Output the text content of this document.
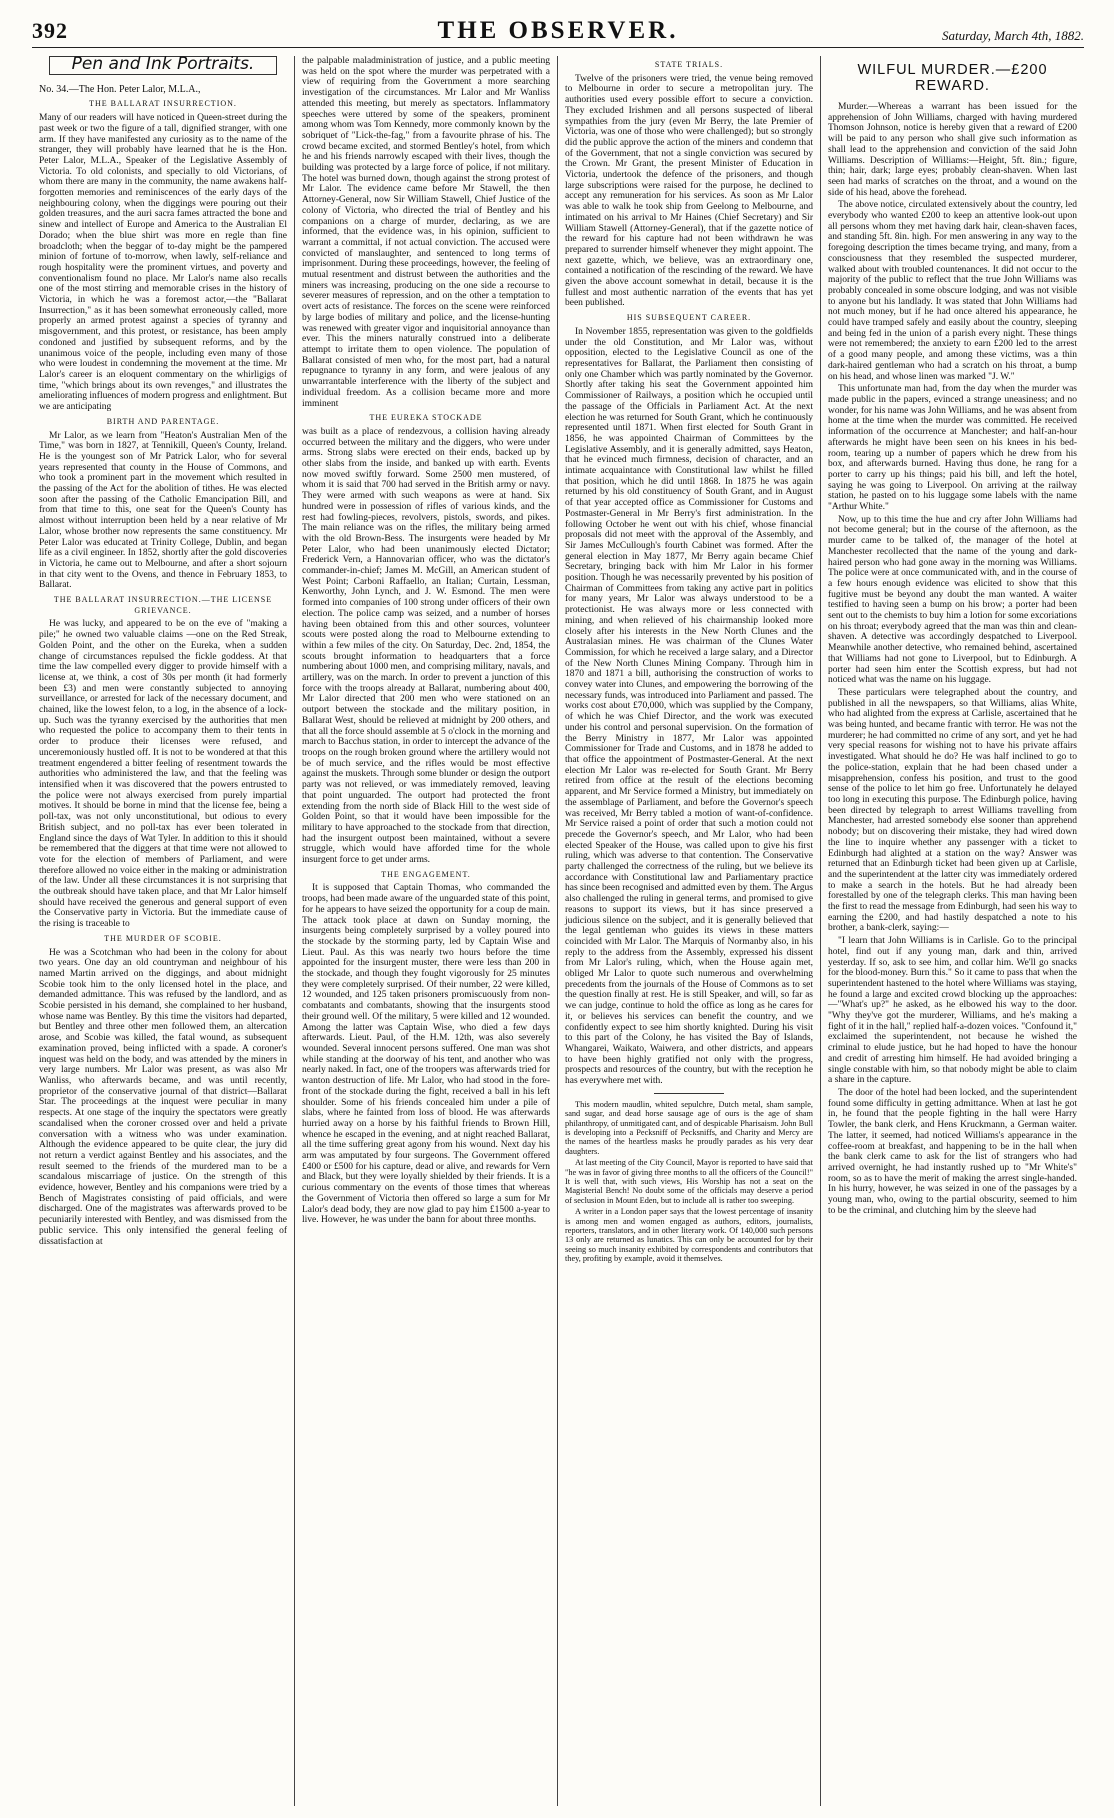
392	THE OBSERVER.	Saturday, March 4th, 1882.
Pen and Ink Portraits.
No. 34.—The Hon. Peter Lalor, M.L.A.,
THE BALLARAT INSURRECTION.

Many of our readers will have noticed in Queen-street during the past week or two the figure of a tall, dignified stranger, with one arm. If they have manifested any curiosity as to the name of the stranger, they will probably have learned that he is the Hon. Peter Lalor, M.L.A., Speaker of the Legislative Assembly of Victoria. To old colonists, and specially to old Victorians, of whom there are many in the community, the name awakens half-forgotten memories and reminiscences of the early days of the neighbouring colony, when the diggings were pouring out their golden treasures, and the auri sacra fames attracted the bone and sinew and intellect of Europe and America to the Australian El Dorado; when the blue shirt was more en regle than fine broadcloth; when the beggar of to-day might be the pampered minion of fortune of to-morrow, when lawly, self-reliance and rough hospitality were the prominent virtues, and poverty and conventionalism found no place. Mr Lalor's name also recalls one of the most stirring and memorable crises in the history of Victoria, in which he was a foremost actor,—the "Ballarat Insurrection," as it has been somewhat erroneously called, more properly an armed protest against a species of tyranny and misgovernment, and this protest, or resistance, has been amply condoned and justified by subsequent reforms, and by the unanimous voice of the people, including even many of those who were loudest in condemning the movement at the time. Mr Lalor's career is an eloquent commentary on the whirligigs of time, "which brings about its own revenges," and illustrates the ameliorating influences of modern progress and enlightment. But we are anticipating

BIRTH AND PARENTAGE.

Mr Lalor, as we learn from "Heaton's Australian Men of the Time," was born in 1827, at Tennikill, Queen's County, Ireland. He is the youngest son of Mr Patrick Lalor, who for several years represented that county in the House of Commons, and who took a prominent part in the movement which resulted in the passing of the Act for the abolition of tithes. He was elected soon after the passing of the Catholic Emancipation Bill, and from that time to this, one seat for the Queen's County has almost without interruption been held by a near relative of Mr Lalor, whose brother now represents the same constituency. Mr Peter Lalor was educated at Trinity College, Dublin, and began life as a civil engineer. In 1852, shortly after the gold discoveries in Victoria, he came out to Melbourne, and after a short sojourn in that city went to the Ovens, and thence in February 1853, to Ballarat.

THE BALLARAT INSURRECTION.—THE LICENSE GRIEVANCE.

He was lucky, and appeared to be on the eve of "making a pile;" he owned two valuable claims —one on the Red Streak, Golden Point, and the other on the Eureka, when a sudden change of circumstances repulsed the fickle goddess. At that time the law compelled every digger to provide himself with a license at, we think, a cost of 30s per month (it had formerly been £3) and men were constantly subjected to annoying surveillance, or arrested for lack of the necessary document, and chained, like the lowest felon, to a log, in the absence of a lock-up. Such was the tyranny exercised by the authorities that men who requested the police to accompany them to their tents in order to produce their licenses were refused, and unceremoniously hustled off. It is not to be wondered at that this treatment engendered a bitter feeling of resentment towards the authorities who administered the law, and that the feeling was intensified when it was discovered that the powers entrusted to the police were not always exercised from purely impartial motives. It should be borne in mind that the license fee, being a poll-tax, was not only unconstitutional, but odious to every British subject, and no poll-tax has ever been tolerated in England since the days of Wat Tyler. In addition to this it should be remembered that the diggers at that time were not allowed to vote for the election of members of Parliament, and were therefore allowed no voice either in the making or administration of the law. Under all these circumstances it is not surprising that the outbreak should have taken place, and that Mr Lalor himself should have received the generous and general support of even the Conservative party in Victoria. But the immediate cause of the rising is traceable to

THE MURDER OF SCOBIE.

He was a Scotchman who had been in the colony for about two years. One day an old countryman and neighbour of his named Martin arrived on the diggings, and about midnight Scobie took him to the only licensed hotel in the place, and demanded admittance. This was refused by the landlord, and as Scobie persisted in his demand, she complained to her husband, whose name was Bentley. By this time the visitors had departed, but Bentley and three other men followed them, an altercation arose, and Scobie was killed, the fatal wound, as subsequent examination proved, being inflicted with a spade. A coroner's inquest was held on the body, and was attended by the miners in very large numbers. Mr Lalor was present, as was also Mr Wanliss, who afterwards became, and was until recently, proprietor of the conservative journal of that district—Ballarat Star. The proceedings at the inquest were peculiar in many respects. At one stage of the inquiry the spectators were greatly scandalised when the coroner crossed over and held a private conversation with a witness who was under examination. Although the evidence appeared to be quite clear, the jury did not return a verdict against Bentley and his associates, and the result seemed to the friends of the murdered man to be a scandalous miscarriage of justice. On the strength of this evidence, however, Bentley and his companions were tried by a Bench of Magistrates consisting of paid officials, and were discharged. One of the magistrates was afterwards proved to be pecuniarily interested with Bentley, and was dismissed from the public service. This only intensified the general feeling of dissatisfaction at

the palpable maladministration of justice, and a public meeting was held on the spot where the murder was perpetrated with a view of requiring from the Government a more searching investigation of the circumstances. Mr Lalor and Mr Wanliss attended this meeting, but merely as spectators. Inflammatory speeches were uttered by some of the speakers, prominent among whom was Tom Kennedy, more commonly known by the sobriquet of "Lick-the-fag," from a favourite phrase of his. The crowd became excited, and stormed Bentley's hotel, from which he and his friends narrowly escaped with their lives, though the building was protected by a large force of police, if not military. The hotel was burned down, though against the strong protest of Mr Lalor. The evidence came before Mr Stawell, the then Attorney-General, now Sir William Stawell, Chief Justice of the colony of Victoria, who directed the trial of Bentley and his companions on a charge of murder, declaring, as we are informed, that the evidence was, in his opinion, sufficient to warrant a committal, if not actual conviction. The accused were convicted of manslaughter, and sentenced to long terms of imprisonment. During these proceedings, however, the feeling of mutual resentment and distrust between the authorities and the miners was increasing, producing on the one side a recourse to severer measures of repression, and on the other a temptation to overt acts of resistance. The forces on the scene were reinforced by large bodies of military and police, and the license-hunting was renewed with greater vigor and inquisitorial annoyance than ever. This the miners naturally construed into a deliberate attempt to irritate them to open violence. The population of Ballarat consisted of men who, for the most part, had a natural repugnance to tyranny in any form, and were jealous of any unwarrantable interference with the liberty of the subject and individual freedom. As a collision became more and more imminent

THE EUREKA STOCKADE

was built as a place of rendezvous, a collision having already occurred between the military and the diggers, who were under arms. Strong slabs were erected on their ends, backed up by other slabs from the inside, and banked up with earth. Events now moved swiftly forward. Some 2500 men mustered, of whom it is said that 700 had served in the British army or navy. They were armed with such weapons as were at hand. Six hundred were in possession of rifles of various kinds, and the rest had fowling-pieces, revolvers, pistols, swords, and pikes. The main reliance was on the rifles, the military being armed with the old Brown-Bess. The insurgents were headed by Mr Peter Lalor, who had been unanimously elected Dictator; Frederick Vern, a Hannovarian officer, who was the dictator's commander-in-chief; James M. McGill, an American student of West Point; Carboni Raffaello, an Italian; Curtain, Lessman, Kenworthy, John Lynch, and J. W. Esmond. The men were formed into companies of 100 strong under officers of their own election. The police camp was seized, and a number of horses having been obtained from this and other sources, volunteer scouts were posted along the road to Melbourne extending to within a few miles of the city. On Saturday, Dec. 2nd, 1854, the scouts brought information to headquarters that a force numbering about 1000 men, and comprising military, navals, and artillery, was on the march. In order to prevent a junction of this force with the troops already at Ballarat, numbering about 400, Mr Lalor directed that 200 men who were stationed on an outport between the stockade and the military position, in Ballarat West, should be relieved at midnight by 200 others, and that all the force should assemble at 5 o'clock in the morning and march to Bacchus station, in order to intercept the advance of the troops on the rough broken ground where the artillery would not be of much service, and the rifles would be most effective against the muskets. Through some blunder or design the outport party was not relieved, or was immediately removed, leaving that point unguarded. The outport had protected the front extending from the north side of Black Hill to the west side of Golden Point, so that it would have been impossible for the military to have approached to the stockade from that direction, had the insurgent outpost been maintained, without a severe struggle, which would have afforded time for the whole insurgent force to get under arms.

THE ENGAGEMENT.

It is supposed that Captain Thomas, who commanded the troops, had been made aware of the unguarded state of this point, for he appears to have seized the opportunity for a coup de main. The attack took place at dawn on Sunday morning, the insurgents being completely surprised by a volley poured into the stockade by the storming party, led by Captain Wise and Lieut. Paul. As this was nearly two hours before the time appointed for the insurgent muster, there were less than 200 in the stockade, and though they fought vigorously for 25 minutes they were completely surprised. Of their number, 22 were killed, 12 wounded, and 125 taken prisoners promiscuously from non-combatants and combatants, showing that the insurgents stood their ground well. Of the military, 5 were killed and 12 wounded. Among the latter was Captain Wise, who died a few days afterwards. Lieut. Paul, of the H.M. 12th, was also severely wounded. Several innocent persons suffered. One man was shot while standing at the doorway of his tent, and another who was nearly naked. In fact, one of the troopers was afterwards tried for wanton destruction of life. Mr Lalor, who had stood in the fore-front of the stockade during the fight, received a ball in his left shoulder. Some of his friends concealed him under a pile of slabs, where he fainted from loss of blood. He was afterwards hurried away on a horse by his faithful friends to Brown Hill, whence he escaped in the evening, and at night reached Ballarat, all the time suffering great agony from his wound. Next day his arm was amputated by four surgeons. The Government offered £400 or £500 for his capture, dead or alive, and rewards for Vern and Black, but they were loyally shielded by their friends. It is a curious commentary on the events of those times that whereas the Government of Victoria then offered so large a sum for Mr Lalor's dead body, they are now glad to pay him £1500 a-year to live. However, he was under the bann for about three months.

STATE TRIALS.

Twelve of the prisoners were tried, the venue being removed to Melbourne in order to secure a metropolitan jury. The authorities used every possible effort to secure a conviction. They excluded Irishmen and all persons suspected of liberal sympathies from the jury (even Mr Berry, the late Premier of Victoria, was one of those who were challenged); but so strongly did the public approve the action of the miners and condemn that of the Government, that not a single conviction was secured by the Crown. Mr Grant, the present Minister of Education in Victoria, undertook the defence of the prisoners, and though large subscriptions were raised for the purpose, he declined to accept any remuneration for his services. As soon as Mr Lalor was able to walk he took ship from Geelong to Melbourne, and intimated on his arrival to Mr Haines (Chief Secretary) and Sir William Stawell (Attorney-General), that if the gazette notice of the reward for his capture had not been withdrawn he was prepared to surrender himself whenever they might appoint. The next gazette, which, we believe, was an extraordinary one, contained a notification of the rescinding of the reward. We have given the above account somewhat in detail, because it is the fullest and most authentic narration of the events that has yet been published.

HIS SUBSEQUENT CAREER.

In November 1855, representation was given to the goldfields under the old Constitution, and Mr Lalor was, without opposition, elected to the Legislative Council as one of the representatives for Ballarat, the Parliament then consisting of only one Chamber which was partly nominated by the Governor. Shortly after taking his seat the Government appointed him Commissioner of Railways, a position which he occupied until the passage of the Officials in Parliament Act. At the next election he was returned for South Grant, which he continuously represented until 1871. When first elected for South Grant in 1856, he was appointed Chairman of Committees by the Legislative Assembly, and it is generally admitted, says Heaton, that he evinced much firmness, decision of character, and an intimate acquaintance with Constitutional law whilst he filled that position, which he did until 1868. In 1875 he was again returned by his old constituency of South Grant, and in August of that year accepted office as Commissioner for Customs and Postmaster-General in Mr Berry's first administration. In the following October he went out with his chief, whose financial proposals did not meet with the approval of the Assembly, and Sir James McCullough's fourth Cabinet was formed. After the general election in May 1877, Mr Berry again became Chief Secretary, bringing back with him Mr Lalor in his former position. Though he was necessarily prevented by his position of Chairman of Committees from taking any active part in politics for many years, Mr Lalor was always understood to be a protectionist. He was always more or less connected with mining, and when relieved of his chairmanship looked more closely after his interests in the New North Clunes and the Australasian mines. He was chairman of the Clunes Water Commission, for which he received a large salary, and a Director of the New North Clunes Mining Company. Through him in 1870 and 1871 a bill, authorising the construction of works to convey water into Clunes, and empowering the borrowing of the necessary funds, was introduced into Parliament and passed. The works cost about £70,000, which was supplied by the Company, of which he was Chief Director, and the work was executed under his control and personal supervision. On the formation of the Berry Ministry in 1877, Mr Lalor was appointed Commissioner for Trade and Customs, and in 1878 he added to that office the appointment of Postmaster-General. At the next election Mr Lalor was re-elected for South Grant. Mr Berry retired from office at the result of the elections becoming apparent, and Mr Service formed a Ministry, but immediately on the assemblage of Parliament, and before the Governor's speech was received, Mr Berry tabled a motion of want-of-confidence. Mr Service raised a point of order that such a motion could not precede the Governor's speech, and Mr Lalor, who had been elected Speaker of the House, was called upon to give his first ruling, which was adverse to that contention. The Conservative party challenged the correctness of the ruling, but we believe its accordance with Constitutional law and Parliamentary practice has since been recognised and admitted even by them. The Argus also challenged the ruling in general terms, and promised to give reasons to support its views, but it has since preserved a judicious silence on the subject, and it is generally believed that the legal gentleman who guides its views in these matters coincided with Mr Lalor. The Marquis of Normanby also, in his reply to the address from the Assembly, expressed his dissent from Mr Lalor's ruling, which, when the House again met, obliged Mr Lalor to quote such numerous and overwhelming precedents from the journals of the House of Commons as to set the question finally at rest. He is still Speaker, and will, so far as we can judge, continue to hold the office as long as he cares for it, or believes his services can benefit the country, and we confidently expect to see him shortly knighted. During his visit to this part of the Colony, he has visited the Bay of Islands, Whangarei, Waikato, Waiwera, and other districts, and appears to have been highly gratified not only with the progress, prospects and resources of the country, but with the reception he has everywhere met with.

This modern maudlin, whited sepulchre, Dutch metal, sham sample, sand sugar, and dead horse sausage age of ours is the age of sham philanthropy, of unmitigated cant, and of despicable Pharisaism. John Bull is developing into a Pecksniff of Pecksniffs, and Charity and Mercy are the names of the heartless masks he proudly parades as his very dear daughters.

At last meeting of the City Council, Mayor is reported to have said that "he was in favor of giving three months to all the officers of the Council!" It is well that, with such views, His Worship has not a seat on the Magisterial Bench! No doubt some of the officials may deserve a period of seclusion in Mount Eden, but to include all is rather too sweeping.

A writer in a London paper says that the lowest percentage of insanity is among men and women engaged as authors, editors, journalists, reporters, translators, and in other literary work. Of 140,000 such persons 13 only are returned as lunatics. This can only be accounted for by their seeing so much insanity exhibited by correspondents and contributors that they, profiting by example, avoid it themselves.

WILFUL MURDER.—£200 REWARD.

Murder.—Whereas a warrant has been issued for the apprehension of John Williams, charged with having murdered Thomson Johnson, notice is hereby given that a reward of £200 will be paid to any person who shall give such information as shall lead to the apprehension and conviction of the said John Williams. Description of Williams:—Height, 5ft. 8in.; figure, thin; hair, dark; large eyes; probably clean-shaven. When last seen had marks of scratches on the throat, and a wound on the side of his head, above the forehead.

The above notice, circulated extensively about the country, led everybody who wanted £200 to keep an attentive look-out upon all persons whom they met having dark hair, clean-shaven faces, and standing 5ft. 8in. high. For men answering in any way to the foregoing description the times became trying, and many, from a consciousness that they resembled the suspected murderer, walked about with troubled countenances. It did not occur to the majority of the public to reflect that the true John Williams was probably concealed in some obscure lodging, and was not visible to anyone but his landlady. It was stated that John Williams had not much money, but if he had once altered his appearance, he could have tramped safely and easily about the country, sleeping and being fed in the union of a parish every night. These things were not remembered; the anxiety to earn £200 led to the arrest of a good many people, and among these victims, was a thin dark-haired gentleman who had a scratch on his throat, a bump on his head, and whose linen was marked "J. W."

This unfortunate man had, from the day when the murder was made public in the papers, evinced a strange uneasiness; and no wonder, for his name was John Williams, and he was absent from home at the time when the murder was committed. He received information of the occurrence at Manchester; and half-an-hour afterwards he might have been seen on his knees in his bed-room, tearing up a number of papers which he drew from his box, and afterwards burned. Having thus done, he rang for a porter to carry up his things; paid his bill, and left the hotel, saying he was going to Liverpool. On arriving at the railway station, he pasted on to his luggage some labels with the name "Arthur White."

Now, up to this time the hue and cry after John Williams had not become general; but in the course of the afternoon, as the murder came to be talked of, the manager of the hotel at Manchester recollected that the name of the young and dark-haired person who had gone away in the morning was Williams. The police were at once communicated with, and in the course of a few hours enough evidence was elicited to show that this fugitive must be beyond any doubt the man wanted. A waiter testified to having seen a bump on his brow; a porter had been sent out to the chemists to buy him a lotion for some excoriations on his throat; everybody agreed that the man was thin and clean-shaven. A detective was accordingly despatched to Liverpool. Meanwhile another detective, who remained behind, ascertained that Williams had not gone to Liverpool, but to Edinburgh. A porter had seen him enter the Scottish express, but had not noticed what was the name on his luggage.

These particulars were telegraphed about the country, and published in all the newspapers, so that Williams, alias White, who had alighted from the express at Carlisle, ascertained that he was being hunted, and became frantic with terror. He was not the murderer; he had committed no crime of any sort, and yet he had very special reasons for wishing not to have his private affairs investigated. What should he do? He was half inclined to go to the police-station, explain that he had been chased under a misapprehension, confess his position, and trust to the good sense of the police to let him go free. Unfortunately he delayed too long in executing this purpose. The Edinburgh police, having been directed by telegraph to arrest Williams travelling from Manchester, had arrested somebody else sooner than apprehend nobody; but on discovering their mistake, they had wired down the line to inquire whether any passenger with a ticket to Edinburgh had alighted at a station on the way? Answer was returned that an Edinburgh ticket had been given up at Carlisle, and the superintendent at the latter city was immediately ordered to make a search in the hotels. But he had already been forestalled by one of the telegraph clerks. This man having been the first to read the message from Edinburgh, had seen his way to earning the £200, and had hastily despatched a note to his brother, a bank-clerk, saying:—

"I learn that John Williams is in Carlisle. Go to the principal hotel, find out if any young man, dark and thin, arrived yesterday. If so, ask to see him, and collar him. We'll go snacks for the blood-money. Burn this." So it came to pass that when the superintendent hastened to the hotel where Williams was staying, he found a large and excited crowd blocking up the approaches:—"What's up?" he asked, as he elbowed his way to the door. "Why they've got the murderer, Williams, and he's making a fight of it in the hall," replied half-a-dozen voices. "Confound it," exclaimed the superintendent, not because he wished the criminal to elude justice, but he had hoped to have the honour and credit of arresting him himself. He had avoided bringing a single constable with him, so that nobody might be able to claim a share in the capture.

The door of the hotel had been locked, and the superintendent found some difficulty in getting admittance. When at last he got in, he found that the people fighting in the hall were Harry Towler, the bank clerk, and Hens Kruckmann, a German waiter. The latter, it seemed, had noticed Williams's appearance in the coffee-room at breakfast, and happening to be in the hall when the bank clerk came to ask for the list of strangers who had arrived overnight, he had instantly rushed up to "Mr White's" room, so as to have the merit of making the arrest single-handed. In his hurry, however, he was seized in one of the passages by a young man, who, owing to the partial obscurity, seemed to him to be the criminal, and clutching him by the sleeve had
